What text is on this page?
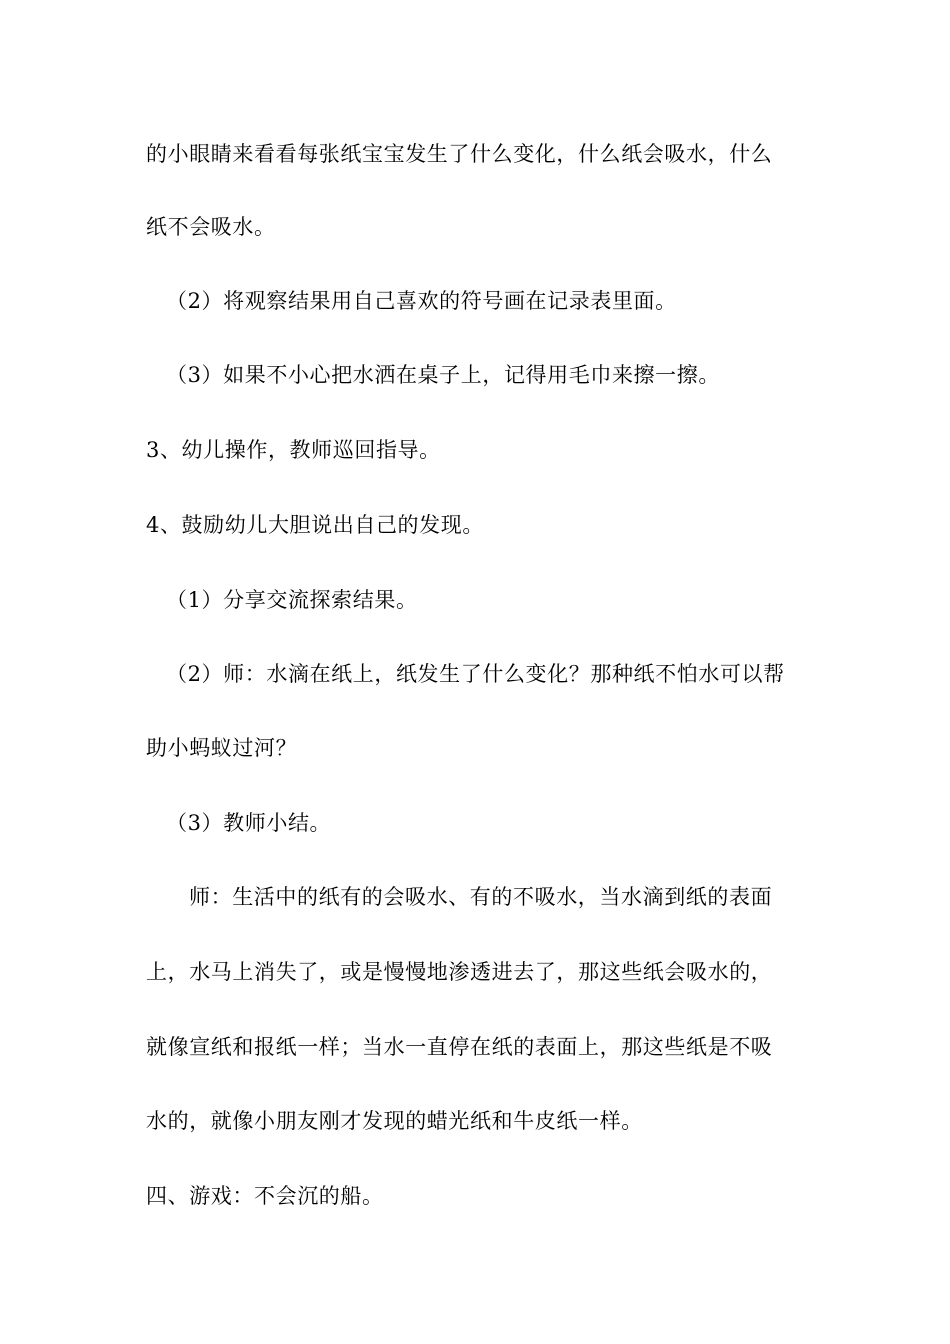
的小眼睛来看看每张纸宝宝发生了什么变化，什么纸会吸水，什么
纸不会吸水。
（2）将观察结果用自己喜欢的符号画在记录表里面。
（3）如果不小心把水洒在桌子上，记得用毛巾来擦一擦。
3、幼儿操作，教师巡回指导。
4、鼓励幼儿大胆说出自己的发现。
（1）分享交流探索结果。
（2）师：水滴在纸上，纸发生了什么变化？那种纸不怕水可以帮
助小蚂蚁过河？
（3）教师小结。
师：生活中的纸有的会吸水、有的不吸水，当水滴到纸的表面
上，水马上消失了，或是慢慢地渗透进去了，那这些纸会吸水的，
就像宣纸和报纸一样；当水一直停在纸的表面上，那这些纸是不吸
水的，就像小朋友刚才发现的蜡光纸和牛皮纸一样。
四、游戏：不会沉的船。
